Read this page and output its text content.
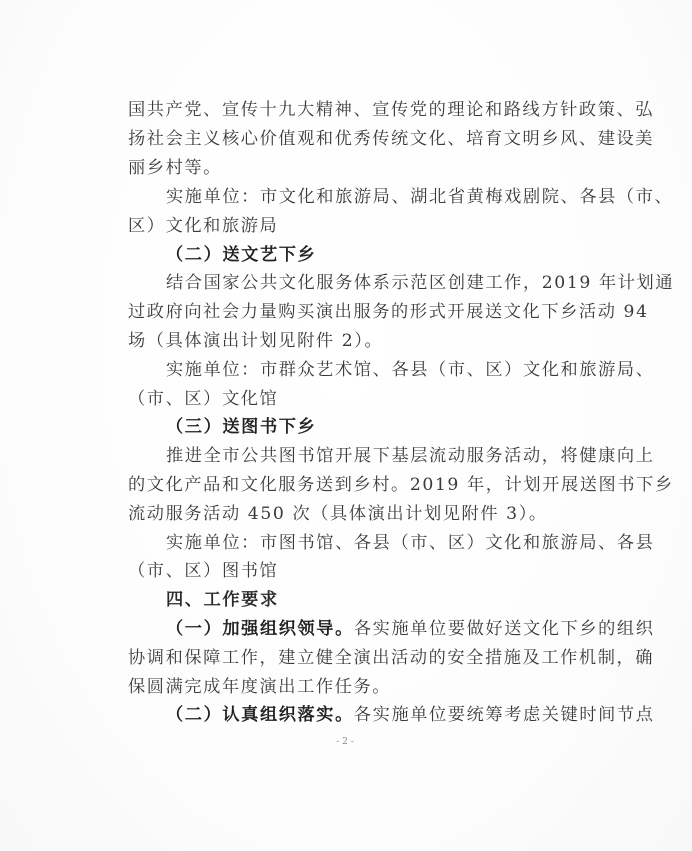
国共产党、宣传十九大精神、宣传党的理论和路线方针政策、弘
扬社会主义核心价值观和优秀传统文化、培育文明乡风、建设美
丽乡村等。
实施单位：市文化和旅游局、湖北省黄梅戏剧院、各县（市、
区）文化和旅游局
（二）送文艺下乡
结合国家公共文化服务体系示范区创建工作，2019 年计划通
过政府向社会力量购买演出服务的形式开展送文化下乡活动 94
场（具体演出计划见附件 2）。
实施单位：市群众艺术馆、各县（市、区）文化和旅游局、
（市、区）文化馆
（三）送图书下乡
推进全市公共图书馆开展下基层流动服务活动，将健康向上
的文化产品和文化服务送到乡村。2019 年，计划开展送图书下乡
流动服务活动 450 次（具体演出计划见附件 3）。
实施单位：市图书馆、各县（市、区）文化和旅游局、各县
（市、区）图书馆
四、工作要求
（一）加强组织领导。各实施单位要做好送文化下乡的组织
协调和保障工作，建立健全演出活动的安全措施及工作机制，确
保圆满完成年度演出工作任务。
（二）认真组织落实。各实施单位要统筹考虑关键时间节点
- 2 -
